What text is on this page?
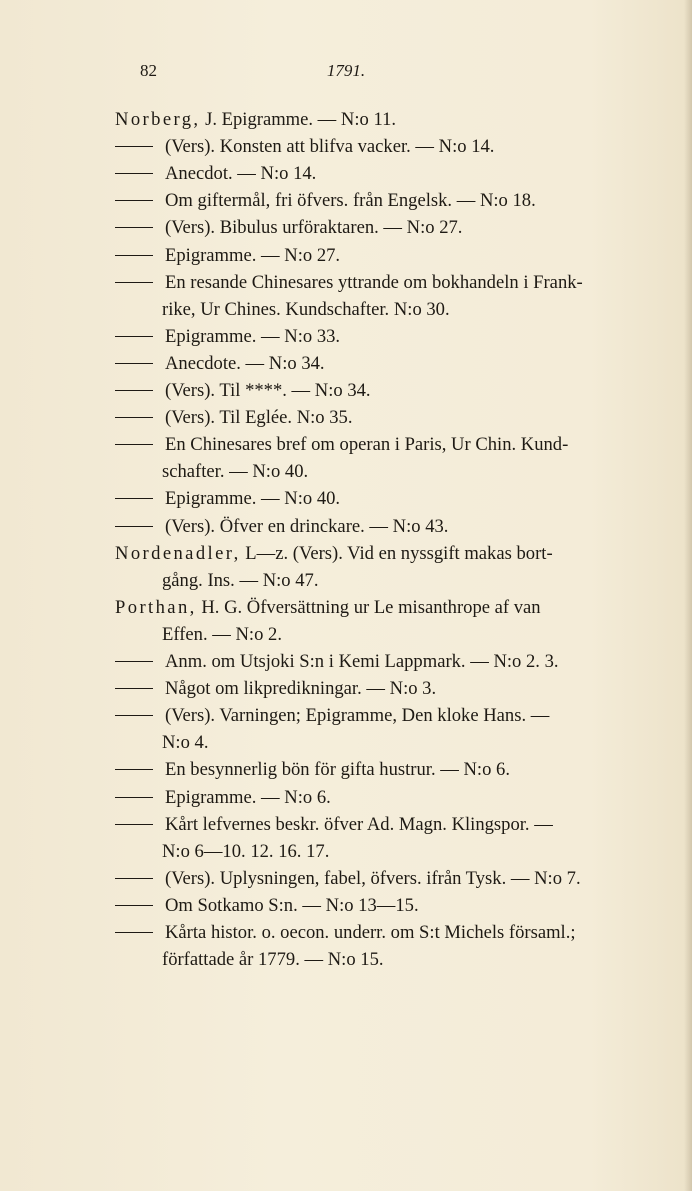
82	1791.
Norberg, J. Epigramme. — N:o 11.
(Vers). Konsten att blifva vacker. — N:o 14.
Anecdot. — N:o 14.
Om giftermål, fri öfvers. från Engelsk. — N:o 18.
(Vers). Bibulus urföraktaren. — N:o 27.
Epigramme. — N:o 27.
En resande Chinesares yttrande om bokhandeln i Frank-
rike, Ur Chines. Kundschafter. N:o 30.
Epigramme. — N:o 33.
Anecdote. — N:o 34.
(Vers). Til ****. — N:o 34.
(Vers). Til Eglée. N:o 35.
En Chinesares bref om operan i Paris, Ur Chin. Kund-
schafter. — N:o 40.
Epigramme. — N:o 40.
(Vers). Öfver en drinckare. — N:o 43.
Nordenadler, L—z. (Vers). Vid en nyssgift makas bort-
gång. Ins. — N:o 47.
Porthan, H. G. Öfversättning ur Le misanthrope af van
Effen. — N:o 2.
Anm. om Utsjoki S:n i Kemi Lappmark. — N:o 2. 3.
Något om likpredikningar. — N:o 3.
(Vers). Varningen; Epigramme, Den kloke Hans. —
N:o 4.
En besynnerlig bön för gifta hustrur. — N:o 6.
Epigramme. — N:o 6.
Kårt lefvernes beskr. öfver Ad. Magn. Klingspor. —
N:o 6—10. 12. 16. 17.
(Vers). Uplysningen, fabel, öfvers. ifrån Tysk. — N:o 7.
Om Sotkamo S:n. — N:o 13—15.
Kårta histor. o. oecon. underr. om S:t Michels församl.;
författade år 1779. — N:o 15.
